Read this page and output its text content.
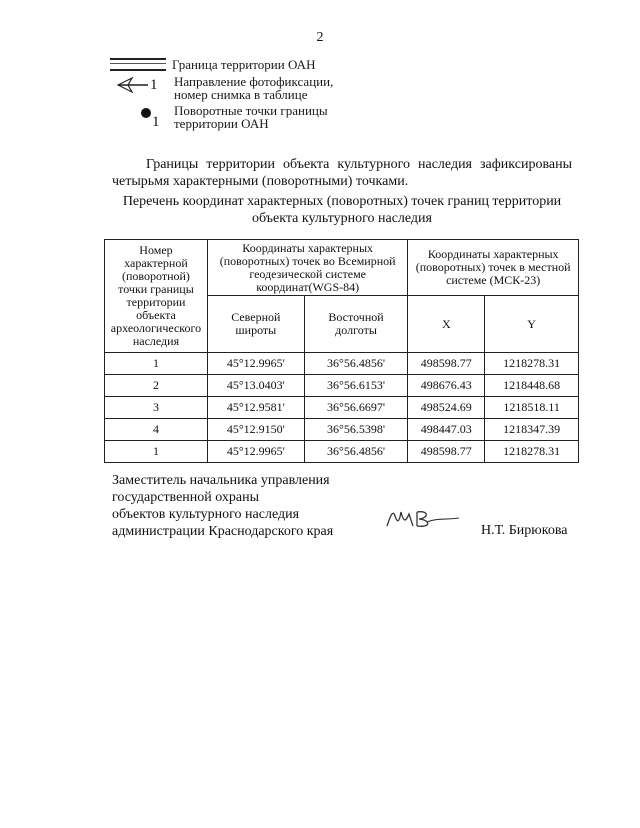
2
Граница территории ОАН
1 Направление фотофиксации,
номер снимка в таблице
1
Поворотные точки границы
территории ОАН
Границы территории объекта культурного наследия зафиксированы четырьмя характерными (поворотными) точками.
Перечень координат характерных (поворотных) точек границ территории
объекта культурного наследия
Номер характерной (поворотной) точки границы территории объекта археологического наследия	Координаты характерных (поворотных) точек во Всемирной геодезической системе координат(WGS-84)		Координаты характерных (поворотных) точек в местной системе (МСК-23)	
	Северной широты	Восточной долготы	X	Y
1	45°12.9965'	36°56.4856'	498598.77	1218278.31
2	45°13.0403'	36°56.6153'	498676.43	1218448.68
3	45°12.9581'	36°56.6697'	498524.69	1218518.11
4	45°12.9150'	36°56.5398'	498447.03	1218347.39
1	45°12.9965'	36°56.4856'	498598.77	1218278.31
Заместитель начальника управления
государственной охраны
объектов культурного наследия
администрации Краснодарского края	Н.Т. Бирюкова
